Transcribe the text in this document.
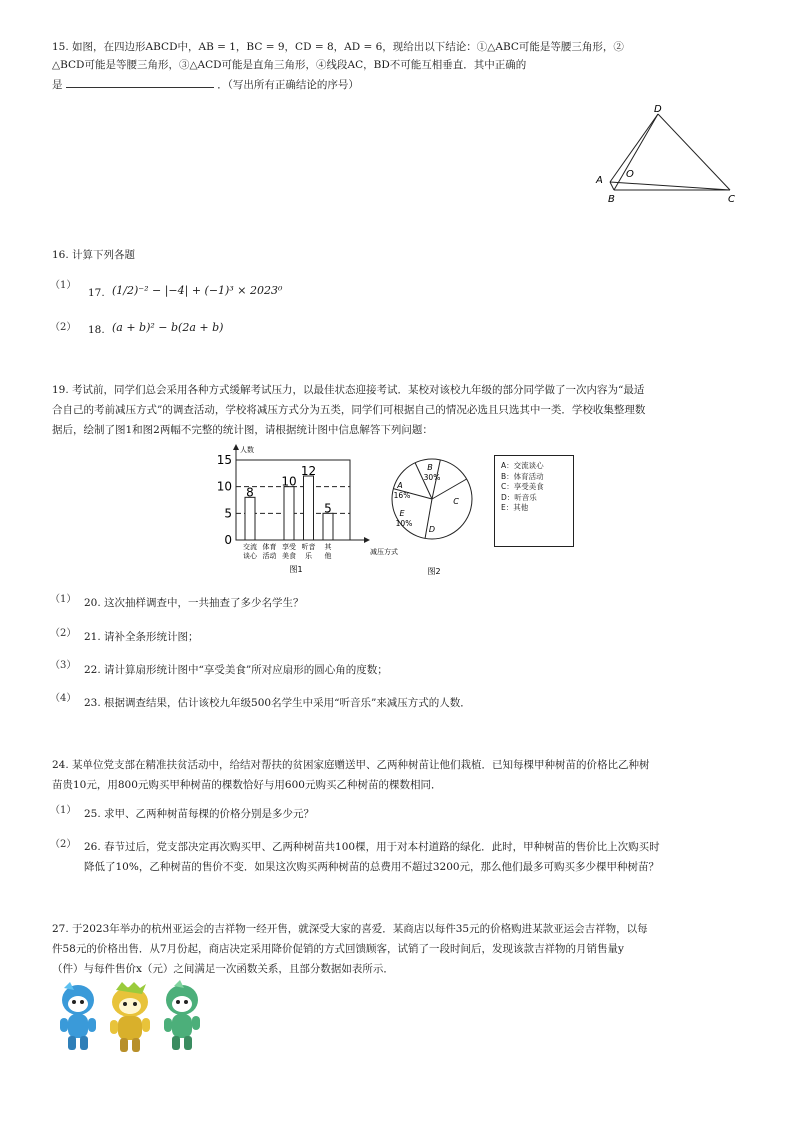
15. 如图，在四边形ABCD中，AB = 1，BC = 9，CD = 8，AD = 6，现给出以下结论：①△ABC可能是等腰三角形，②
△BCD可能是等腰三角形，③△ACD可能是直角三角形，④线段AC，BD不可能互相垂直．其中正确的
是	．（写出所有正确结论的序号）
D
A
O
B	C
16. 计算下列各题
（1）
17. (1/2)⁻² − |−4| + (−1)³ × 2023⁰
（2） 18. (a + b)² − b(2a + b)
19. 考试前，同学们总会采用各种方式缓解考试压力，以最佳状态迎接考试．某校对该校九年级的部分同学做了一次内容为“最适
合自己的考前减压方式”的调查活动，学校将减压方式分为五类，同学们可根据自己的情况必选且只选其中一类．学校收集整理数
据后，绘制了图1和图2两幅不完整的统计图，请根据统计图中信息解答下列问题：
人数
减压方式
0
5
10
15
8
交流
谈心
体育
活动
10
享受
美食
12
听音
乐
5
其
他
图1
B
30%
C
D
E
10%
A
16%
图2
A：交流谈心
B：体育活动
C：享受美食
D：听音乐
E：其他
（1） 20. 这次抽样调查中，一共抽查了多少名学生？
（2） 21. 请补全条形统计图；
（3） 22. 请计算扇形统计图中“享受美食”所对应扇形的圆心角的度数；
（4） 23. 根据调查结果，估计该校九年级500名学生中采用“听音乐”来减压方式的人数．
24. 某单位党支部在精准扶贫活动中，给结对帮扶的贫困家庭赠送甲、乙两种树苗让他们栽植．已知每棵甲种树苗的价格比乙种树
苗贵10元，用800元购买甲种树苗的棵数恰好与用600元购买乙种树苗的棵数相同．
（1） 25. 求甲、乙两种树苗每棵的价格分别是多少元？
（2） 26. 春节过后，党支部决定再次购买甲、乙两种树苗共100棵，用于对本村道路的绿化．此时，甲种树苗的售价比上次购买时
降低了10%，乙种树苗的售价不变．如果这次购买两种树苗的总费用不超过3200元，那么他们最多可购买多少棵甲种树苗？
27. 于2023年举办的杭州亚运会的吉祥物一经开售，就深受大家的喜爱．某商店以每件35元的价格购进某款亚运会吉祥物，以每
件58元的价格出售．从7月份起，商店决定采用降价促销的方式回馈顾客，试销了一段时间后，发现该款吉祥物的月销售量y
（件）与每件售价x（元）之间满足一次函数关系，且部分数据如表所示．
